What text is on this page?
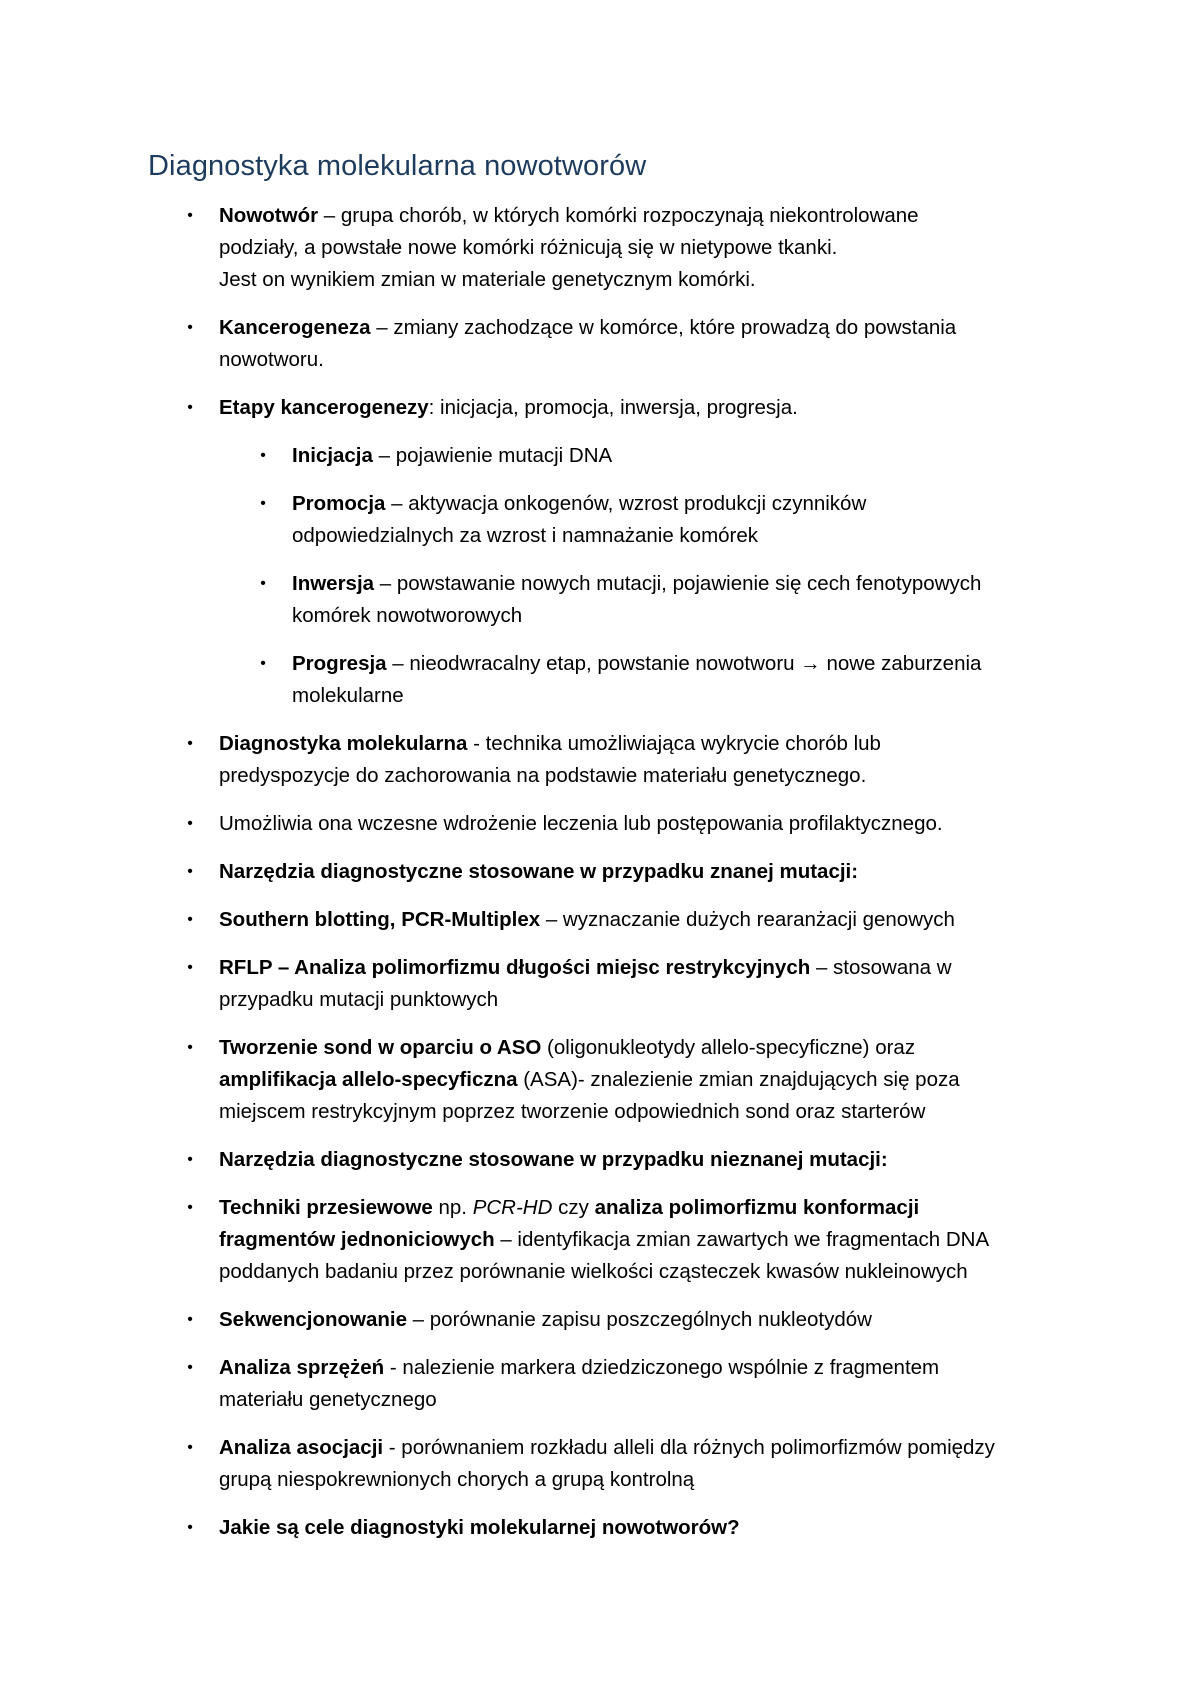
Diagnostyka molekularna nowotworów
• Nowotwór – grupa chorób, w których komórki rozpoczynają niekontrolowane
podziały, a powstałe nowe komórki różnicują się w nietypowe tkanki.
Jest on wynikiem zmian w materiale genetycznym komórki.
• Kancerogeneza – zmiany zachodzące w komórce, które prowadzą do powstania
nowotworu.
• Etapy kancerogenezy: inicjacja, promocja, inwersja, progresja.
• Inicjacja – pojawienie mutacji DNA
• Promocja – aktywacja onkogenów, wzrost produkcji czynników
odpowiedzialnych za wzrost i namnażanie komórek
• Inwersja – powstawanie nowych mutacji, pojawienie się cech fenotypowych
komórek nowotworowych
• Progresja – nieodwracalny etap, powstanie nowotworu → nowe zaburzenia
molekularne
• Diagnostyka molekularna - technika umożliwiająca wykrycie chorób lub
predyspozycje do zachorowania na podstawie materiału genetycznego.
• Umożliwia ona wczesne wdrożenie leczenia lub postępowania profilaktycznego.
• Narzędzia diagnostyczne stosowane w przypadku znanej mutacji:
• Southern blotting, PCR-Multiplex – wyznaczanie dużych rearanżacji genowych
• RFLP – Analiza polimorfizmu długości miejsc restrykcyjnych – stosowana w
przypadku mutacji punktowych
• Tworzenie sond w oparciu o ASO (oligonukleotydy allelo-specyficzne) oraz
amplifikacja allelo-specyficzna (ASA)- znalezienie zmian znajdujących się poza
miejscem restrykcyjnym poprzez tworzenie odpowiednich sond oraz starterów
• Narzędzia diagnostyczne stosowane w przypadku nieznanej mutacji:
• Techniki przesiewowe np. PCR-HD czy analiza polimorfizmu konformacji
fragmentów jednoniciowych – identyfikacja zmian zawartych we fragmentach DNA
poddanych badaniu przez porównanie wielkości cząsteczek kwasów nukleinowych
• Sekwencjonowanie – porównanie zapisu poszczególnych nukleotydów
• Analiza sprzężeń - nalezienie markera dziedziczonego wspólnie z fragmentem
materiału genetycznego
• Analiza asocjacji - porównaniem rozkładu alleli dla różnych polimorfizmów pomiędzy
grupą niespokrewnionych chorych a grupą kontrolną
• Jakie są cele diagnostyki molekularnej nowotworów?
